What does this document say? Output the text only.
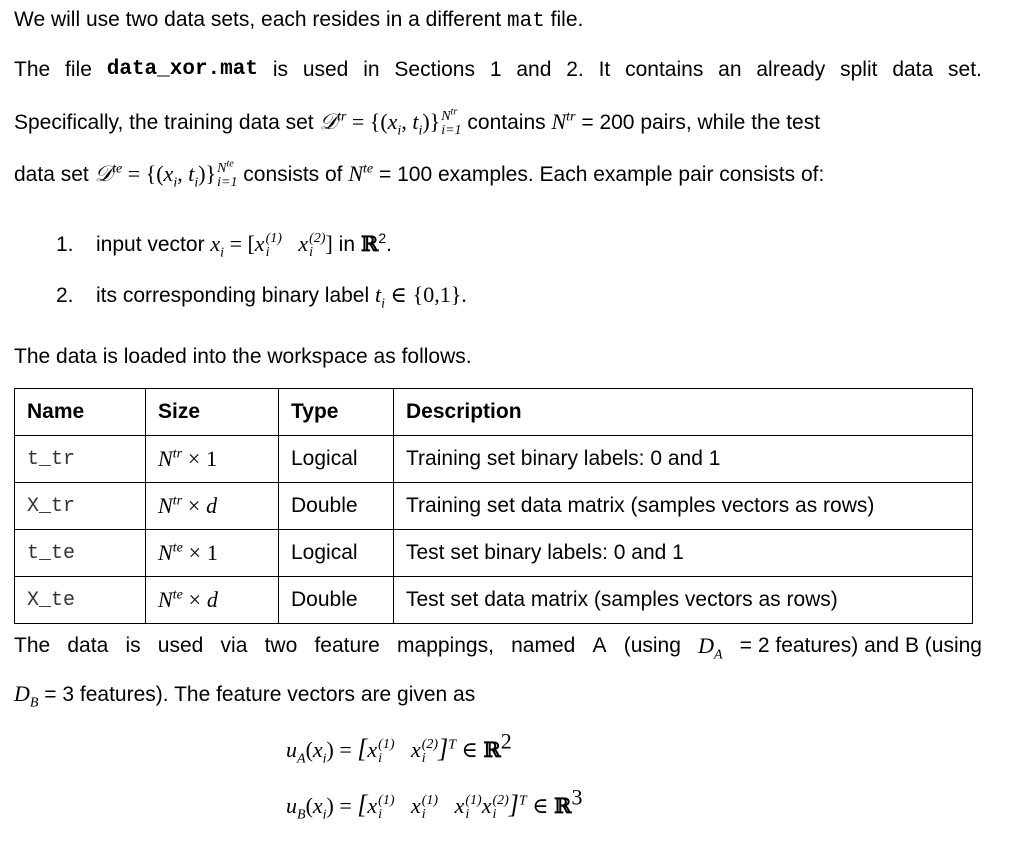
We will use two data sets, each resides in a different mat file.
The file data_xor.mat is used in Sections 1 and 2. It contains an already split data set.
Specifically, the training data set 𝒟$^{tr}$ = {($x_i$, $t_i$)} $N^{tr}$
i=1 contains $N^{tr} = 200$ pairs, while the test
data set 𝒟$^{te}$ = {($x_i$, $t_i$)} $N^{te}$
i=1 consists of $N^{te} = 100$ examples. Each example pair consists of:
1. input vector $x_i = [x$ (1)
i x (2)
i ] in ℝ$^2$.
2. its corresponding binary label $t_i$ ∈ {0,1}.
The data is loaded into the workspace as follows.
Name	Size	Type	Description
t_tr	$N^{tr} \times 1$	Logical	Training set binary labels: 0 and 1
X_tr	$N^{tr} \times d$	Double	Training set data matrix (samples vectors as rows)
t_te	$N^{te} \times 1$	Logical	Test set binary labels: 0 and 1
X_te	$N^{te} \times d$	Double	Test set data matrix (samples vectors as rows)
The data is used via two feature mappings, named A (using $D_A = 2$ features) and B (using
$D_B = 3$ features). The feature vectors are given as
$u_A(x_i) = [x$ (1)
i x (2)
i ]$^T$ ∈ ℝ$^2$
$u_B(x_i) = [x$ (1)
i x (1)
i x (1)
i x (2)
i ]$^T$ ∈ ℝ$^3$
